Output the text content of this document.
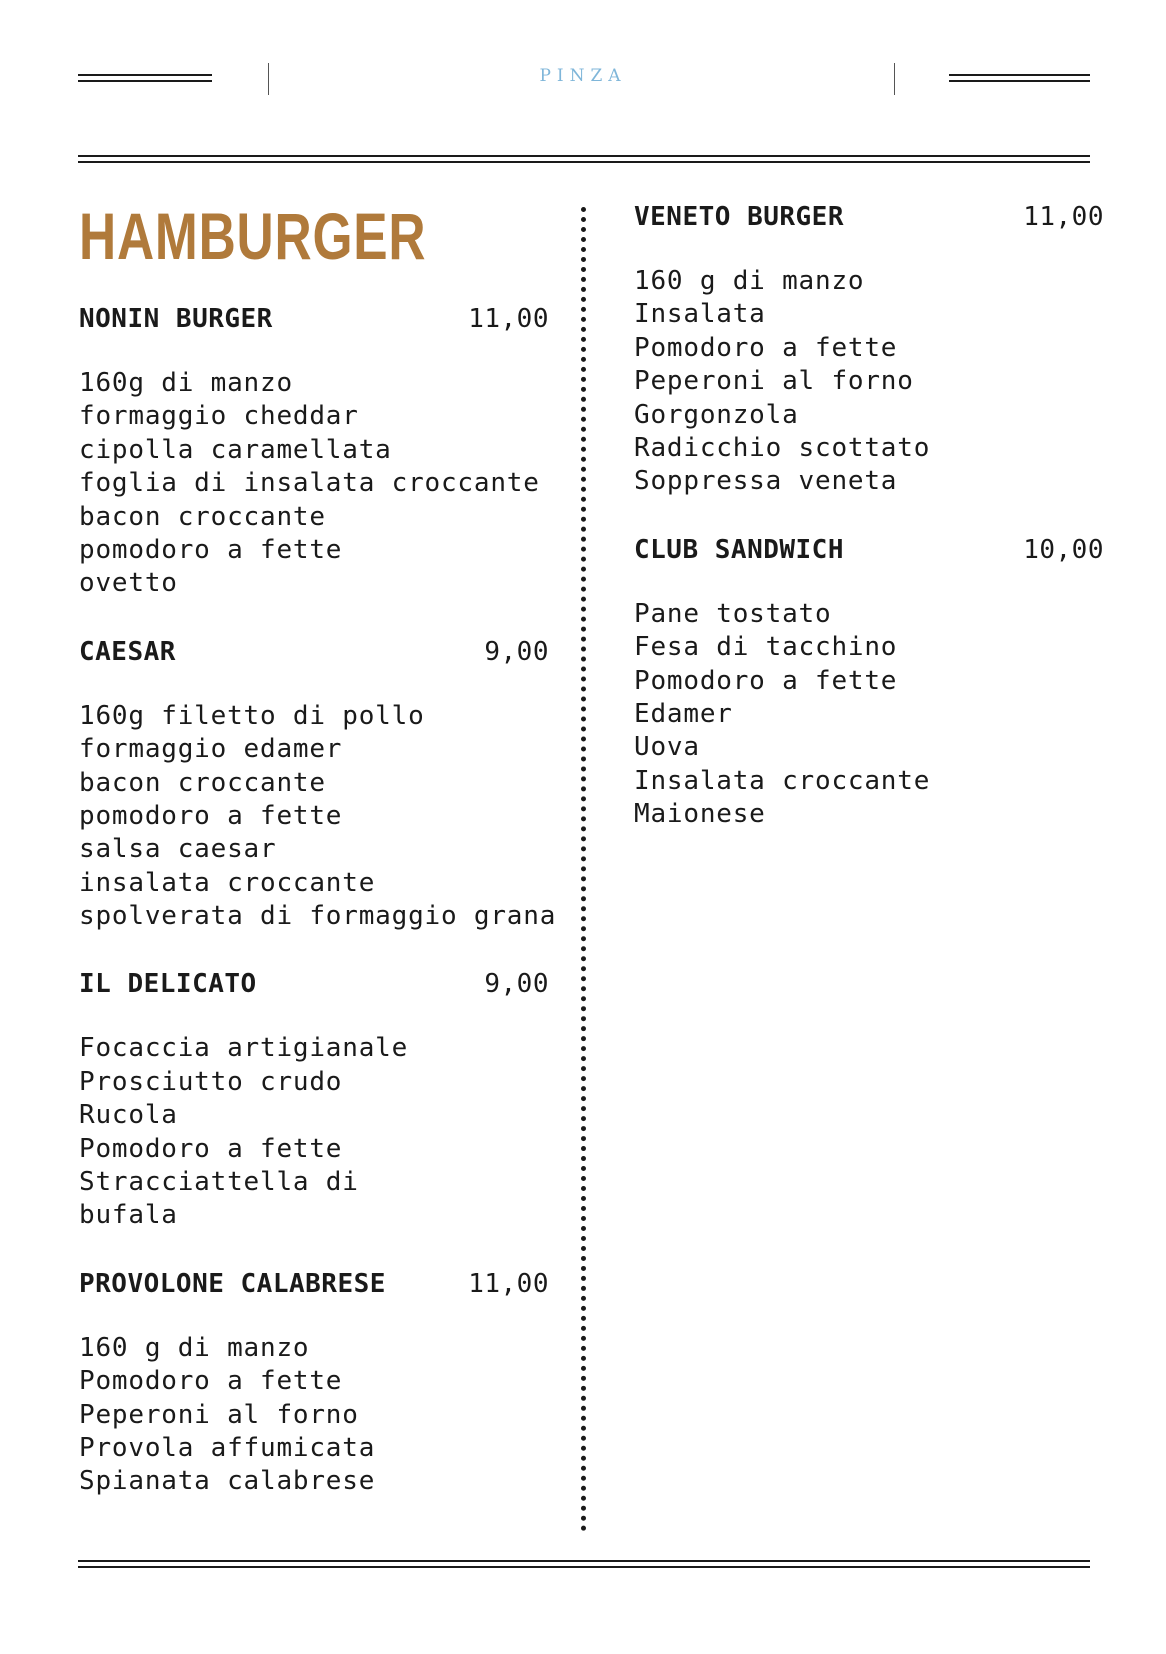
PINZA
HAMBURGER
NONIN BURGER	11,00
160g di manzo
formaggio cheddar
cipolla caramellata
foglia di insalata croccante
bacon croccante
pomodoro a fette
ovetto
CAESAR	9,00
160g filetto di pollo
formaggio edamer
bacon croccante
pomodoro a fette
salsa caesar
insalata croccante
spolverata di formaggio grana
IL DELICATO	9,00
Focaccia artigianale
Prosciutto crudo
Rucola
Pomodoro a fette
Stracciattella di
bufala
PROVOLONE CALABRESE	11,00
160 g di manzo
Pomodoro a fette
Peperoni al forno
Provola affumicata
Spianata calabrese
VENETO BURGER	11,00
160 g di manzo
Insalata
Pomodoro a fette
Peperoni al forno
Gorgonzola
Radicchio scottato
Soppressa veneta
CLUB SANDWICH	10,00
Pane tostato
Fesa di tacchino
Pomodoro a fette
Edamer
Uova
Insalata croccante
Maionese
